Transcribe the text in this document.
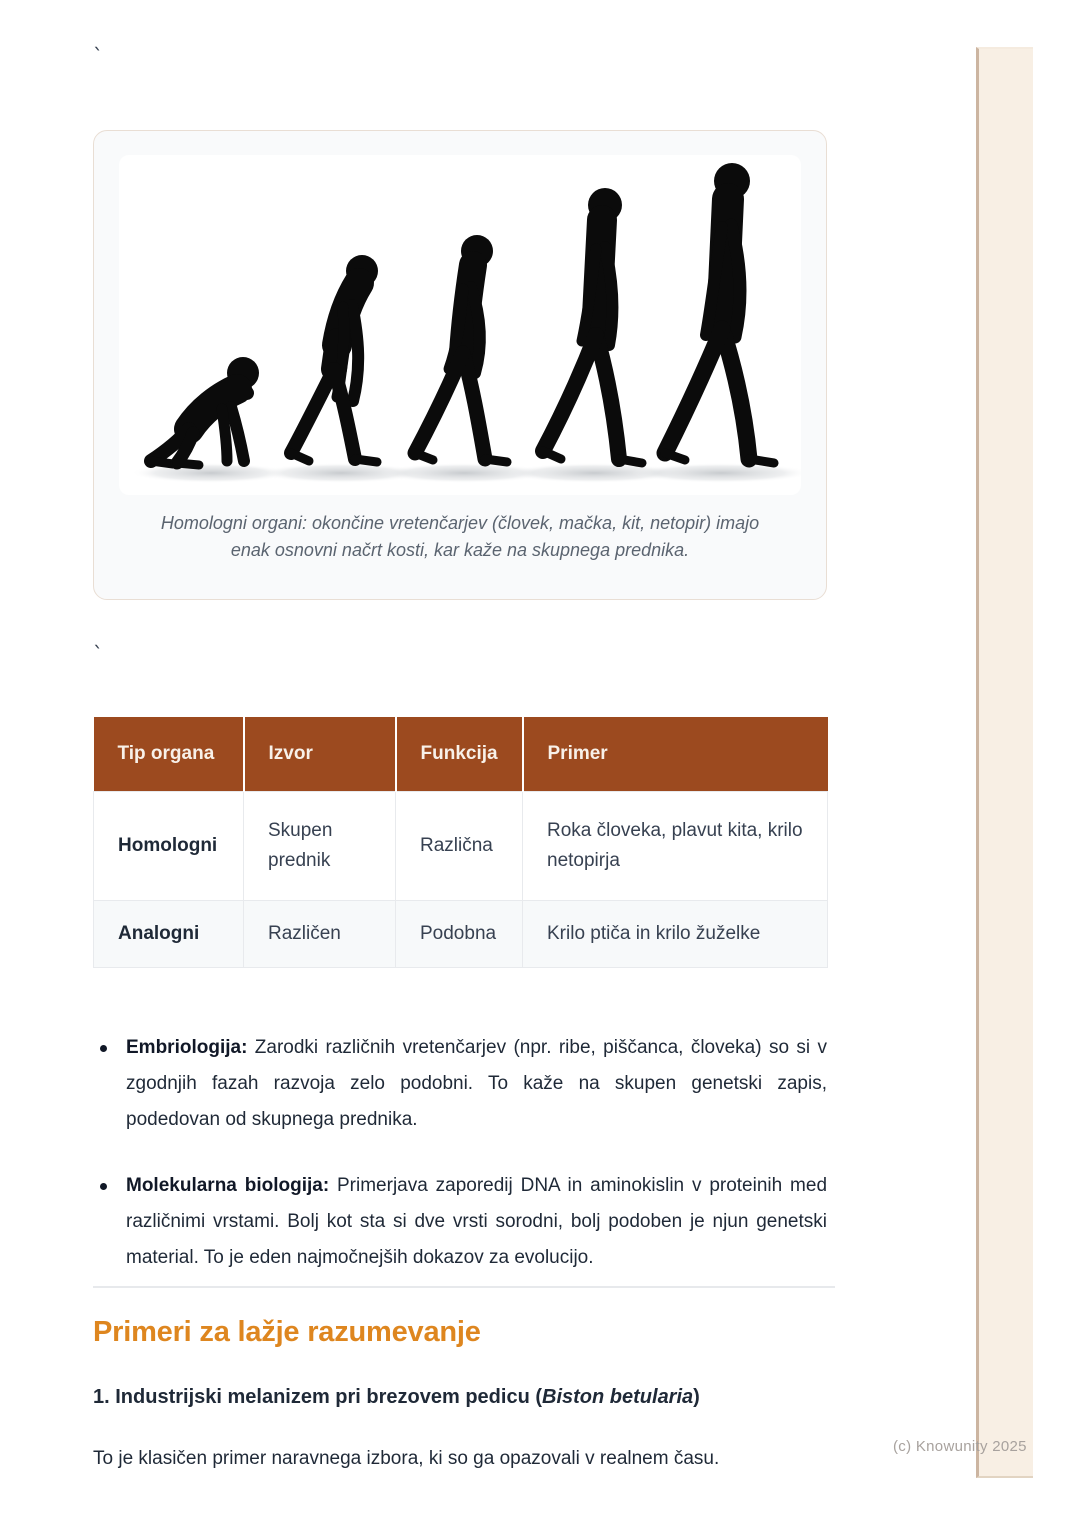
`
Homologni organi: okončine vretenčarjev (človek, mačka, kit, netopir) imajo
enak osnovni načrt kosti, kar kaže na skupnega prednika.
`
Tip organa	Izvor	Funkcija	Primer
Homologni	Skupen prednik	Različna	Roka človeka, plavut kita, krilo netopirja
Analogni	Različen	Podobna	Krilo ptiča in krilo žuželke
Embriologija: Zarodki različnih vretenčarjev (npr. ribe, piščanca, človeka) so si v zgodnjih fazah razvoja zelo podobni. To kaže na skupen genetski zapis, podedovan od skupnega prednika.
Molekularna biologija: Primerjava zaporedij DNA in aminokislin v proteinih med različnimi vrstami. Bolj kot sta si dve vrsti sorodni, bolj podoben je njun genetski material. To je eden najmočnejših dokazov za evolucijo.
Primeri za lažje razumevanje
1. Industrijski melanizem pri brezovem pedicu (Biston betularia)

To je klasičen primer naravnega izbora, ki so ga opazovali v realnem času.

(c) Knowunity 2025
